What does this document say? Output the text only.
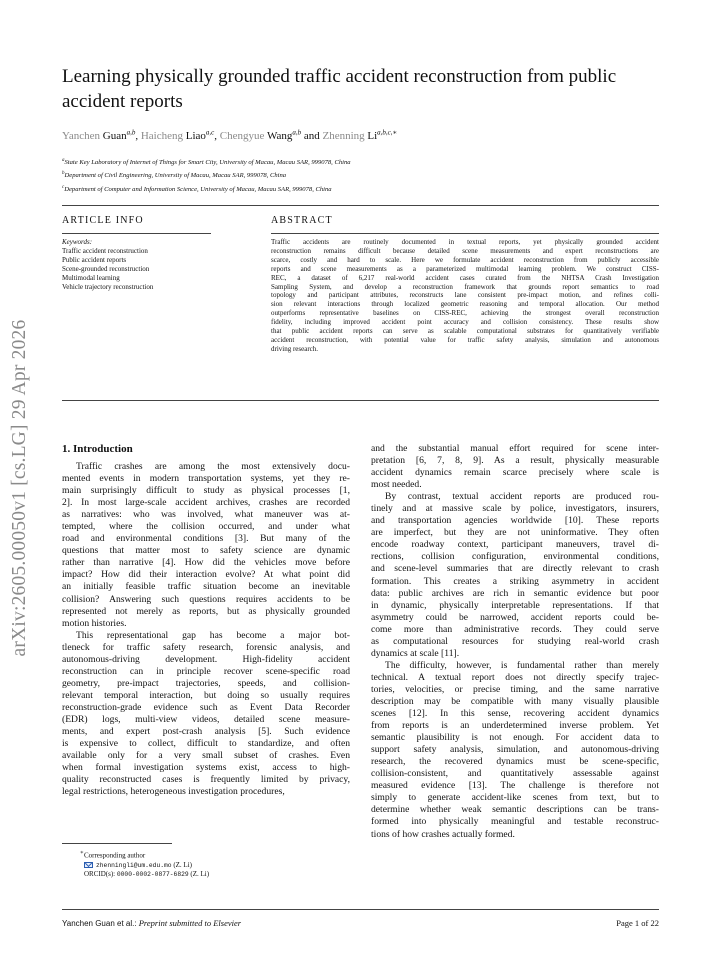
arXiv:2605.00050v1 [cs.LG] 29 Apr 2026
Learning physically grounded traffic accident reconstruction from public accident reports
Yanchen Guan$^{a,b}$, Haicheng Liao$^{a,c}$, Chengyue Wang$^{a,b}$ and Zhenning $Li^{a,b,c,∗}$
$^a$State Key Laboratory of Internet of Things for Smart City, University of Macau, Macau SAR, 999078, China
$^b$Department of Civil Engineering, University of Macau, Macau SAR, 999078, China
$^c$Department of Computer and Information Science, University of Macau, Macau SAR, 999078, China
ARTICLE INFO	ABSTRACT
Keywords:
Traffic accident reconstruction
Public accident reports
Scene-grounded reconstruction
Multimodal learning
Vehicle trajectory reconstruction
Traffic accidents are routinely documented in textual reports, yet physically grounded accident
reconstruction remains difficult because detailed scene measurements and expert reconstructions are
scarce, costly and hard to scale. Here we formulate accident reconstruction from publicly accessible
reports and scene measurements as a parameterized multimodal learning problem. We construct CISS-
REC, a dataset of 6,217 real-world accident cases curated from the NHTSA Crash Investigation
Sampling System, and develop a reconstruction framework that grounds report semantics to road
topology and participant attributes, reconstructs lane consistent pre-impact motion, and refines colli-
sion relevant interactions through localized geometric reasoning and temporal allocation. Our method
outperforms representative baselines on CISS-REC, achieving the strongest overall reconstruction
fidelity, including improved accident point accuracy and collision consistency. These results show
that public accident reports can serve as scalable computational substrates for quantitatively verifiable
accident reconstruction, with potential value for traffic safety analysis, simulation and autonomous
driving research.
1. Introduction
Traffic crashes are among the most extensively docu-
mented events in modern transportation systems, yet they re-
main surprisingly difficult to study as physical processes [1,
2]. In most large-scale accident archives, crashes are recorded
as narratives: who was involved, what maneuver was at-
tempted, where the collision occurred, and under what
road and environmental conditions [3]. But many of the
questions that matter most to safety science are dynamic
rather than narrative [4]. How did the vehicles move before
impact? How did their interaction evolve? At what point did
an initially feasible traffic situation become an inevitable
collision? Answering such questions requires accidents to be
represented not merely as reports, but as physically grounded
motion histories.
This representational gap has become a major bot-
tleneck for traffic safety research, forensic analysis, and
autonomous-driving development. High-fidelity accident
reconstruction can in principle recover scene-specific road
geometry, pre-impact trajectories, speeds, and collision-
relevant temporal interaction, but doing so usually requires
reconstruction-grade evidence such as Event Data Recorder
(EDR) logs, multi-view videos, detailed scene measure-
ments, and expert post-crash analysis [5]. Such evidence
is expensive to collect, difficult to standardize, and often
available only for a very small subset of crashes. Even
when formal investigation systems exist, access to high-
quality reconstructed cases is frequently limited by privacy,
legal restrictions, heterogeneous investigation procedures,
and the substantial manual effort required for scene inter-
pretation [6, 7, 8, 9]. As a result, physically measurable
accident dynamics remain scarce precisely where scale is
most needed.
By contrast, textual accident reports are produced rou-
tinely and at massive scale by police, investigators, insurers,
and transportation agencies worldwide [10]. These reports
are imperfect, but they are not uninformative. They often
encode roadway context, participant maneuvers, travel di-
rections, collision configuration, environmental conditions,
and scene-level summaries that are directly relevant to crash
formation. This creates a striking asymmetry in accident
data: public archives are rich in semantic evidence but poor
in dynamic, physically interpretable representations. If that
asymmetry could be narrowed, accident reports could be-
come more than administrative records. They could serve
as computational resources for studying real-world crash
dynamics at scale [11].
The difficulty, however, is fundamental rather than merely
technical. A textual report does not directly specify trajec-
tories, velocities, or precise timing, and the same narrative
description may be compatible with many visually plausible
scenes [12]. In this sense, recovering accident dynamics
from reports is an underdetermined inverse problem. Yet
semantic plausibility is not enough. For accident data to
support safety analysis, simulation, and autonomous-driving
research, the recovered dynamics must be scene-specific,
collision-consistent, and quantitatively assessable against
measured evidence [13]. The challenge is therefore not
simply to generate accident-like scenes from text, but to
determine whether weak semantic descriptions can be trans-
formed into physically meaningful and testable reconstruc-
tions of how crashes actually formed.
∗Corresponding author
zhenningli@um.edu.mo (Z. Li)
ORCID(s): 0000-0002-0877-6829 (Z. Li)
Yanchen Guan et al.: Preprint submitted to Elsevier	Page 1 of 22
